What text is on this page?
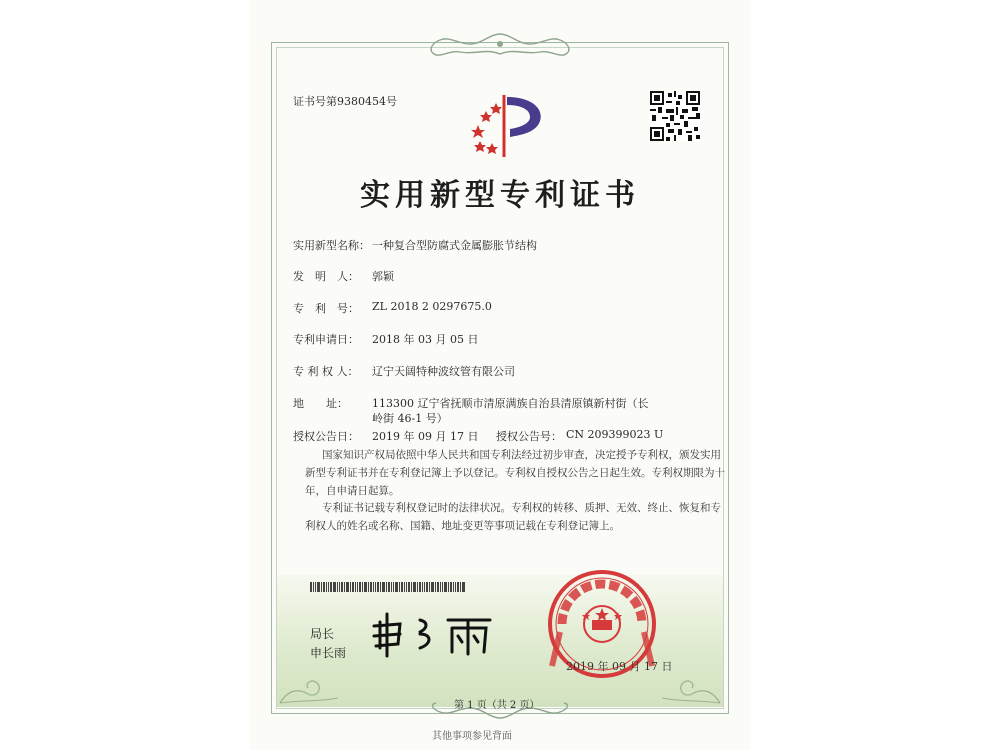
证书号第9380454号
实用新型专利证书
实用新型名称： 一种复合型防腐式金属膨胀节结构
发　明　人： 郭颖
专　利　号： ZL 2018 2 0297675.0
专利申请日： 2018 年 03 月 05 日
专 利 权 人： 辽宁天阔特种波纹管有限公司
地　　址： 113300 辽宁省抚顺市清原满族自治县清原镇新村街（长
岭街 46-1 号）
授权公告日： 2019 年 09 月 17 日 授权公告号： CN 209399023 U
国家知识产权局依照中华人民共和国专利法经过初步审查，决定授予专利权，颁发实用
新型专利证书并在专利登记簿上予以登记。专利权自授权公告之日起生效。专利权期限为十
年，自申请日起算。
专利证书记载专利权登记时的法律状况。专利权的转移、质押、无效、终止、恢复和专
利权人的姓名或名称、国籍、地址变更等事项记载在专利登记簿上。
局长
申长雨
2019 年 09 月 17 日
第 1 页（共 2 页）
其他事项参见背面
